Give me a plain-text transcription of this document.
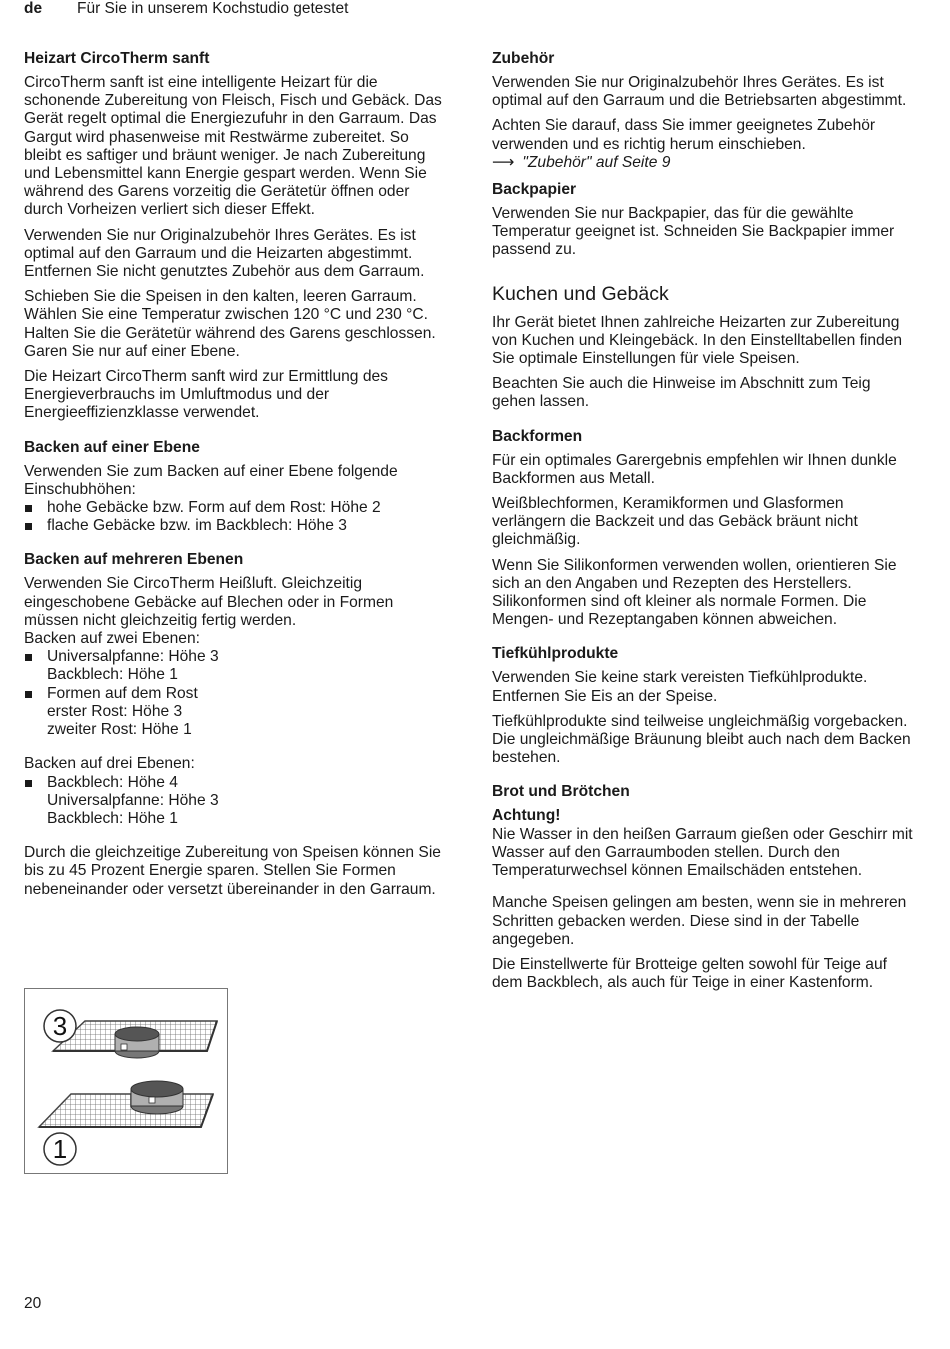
de Für Sie in unserem Kochstudio getestet
Heizart CircoTherm sanft

CircoTherm sanft ist eine intelligente Heizart für die schonende Zubereitung von Fleisch, Fisch und Gebäck. Das Gerät regelt optimal die Energiezufuhr in den Garraum. Das Gargut wird phasenweise mit Restwärme zubereitet. So bleibt es saftiger und bräunt weniger. Je nach Zubereitung und Lebensmittel kann Energie gespart werden. Wenn Sie während des Garens vorzeitig die Gerätetür öffnen oder durch Vorheizen verliert sich dieser Effekt.

Verwenden Sie nur Originalzubehör Ihres Gerätes. Es ist optimal auf den Garraum und die Heizarten abgestimmt. Entfernen Sie nicht genutztes Zubehör aus dem Garraum.

Schieben Sie die Speisen in den kalten, leeren Garraum. Wählen Sie eine Temperatur zwischen 120 °C und 230 °C. Halten Sie die Gerätetür während des Garens geschlossen. Garen Sie nur auf einer Ebene.

Die Heizart CircoTherm sanft wird zur Ermittlung des Energieverbrauchs im Umluftmodus und der Energieeffizienzklasse verwendet.

Backen auf einer Ebene

Verwenden Sie zum Backen auf einer Ebene folgende Einschubhöhen:

hohe Gebäcke bzw. Form auf dem Rost: Höhe 2
flache Gebäcke bzw. im Backblech: Höhe 3
Backen auf mehreren Ebenen

Verwenden Sie CircoTherm Heißluft. Gleichzeitig eingeschobene Gebäcke auf Blechen oder in Formen müssen nicht gleichzeitig fertig werden.

Backen auf zwei Ebenen:

Universalpfanne: Höhe 3
Backblech: Höhe 1
Formen auf dem Rost
erster Rost: Höhe 3
zweiter Rost: Höhe 1

Backen auf drei Ebenen:

Backblech: Höhe 4
Universalpfanne: Höhe 3
Backblech: Höhe 1

Durch die gleichzeitige Zubereitung von Speisen können Sie bis zu 45 Prozent Energie sparen. Stellen Sie Formen nebeneinander oder versetzt übereinander in den Garraum.

3
1
Zubehör

Verwenden Sie nur Originalzubehör Ihres Gerätes. Es ist optimal auf den Garraum und die Betriebsarten abgestimmt.

Achten Sie darauf, dass Sie immer geeignetes Zubehör verwenden und es richtig herum einschieben.

⟶ "Zubehör" auf Seite 9
Backpapier

Verwenden Sie nur Backpapier, das für die gewählte Temperatur geeignet ist. Schneiden Sie Backpapier immer passend zu.

Kuchen und Gebäck

Ihr Gerät bietet Ihnen zahlreiche Heizarten zur Zubereitung von Kuchen und Kleingebäck. In den Einstelltabellen finden Sie optimale Einstellungen für viele Speisen.

Beachten Sie auch die Hinweise im Abschnitt zum Teig gehen lassen.

Backformen

Für ein optimales Garergebnis empfehlen wir Ihnen dunkle Backformen aus Metall.

Weißblechformen, Keramikformen und Glasformen verlängern die Backzeit und das Gebäck bräunt nicht gleichmäßig.

Wenn Sie Silikonformen verwenden wollen, orientieren Sie sich an den Angaben und Rezepten des Herstellers. Silikonformen sind oft kleiner als normale Formen. Die Mengen- und Rezeptangaben können abweichen.

Tiefkühlprodukte

Verwenden Sie keine stark vereisten Tiefkühlprodukte. Entfernen Sie Eis an der Speise.

Tiefkühlprodukte sind teilweise ungleichmäßig vorgebacken. Die ungleichmäßige Bräunung bleibt auch nach dem Backen bestehen.

Brot und Brötchen

Achtung!

Nie Wasser in den heißen Garraum gießen oder Geschirr mit Wasser auf den Garraumboden stellen. Durch den Temperaturwechsel können Emailschäden entstehen.

Manche Speisen gelingen am besten, wenn sie in mehreren Schritten gebacken werden. Diese sind in der Tabelle angegeben.

Die Einstellwerte für Brotteige gelten sowohl für Teige auf dem Backblech, als auch für Teige in einer Kastenform.

20
